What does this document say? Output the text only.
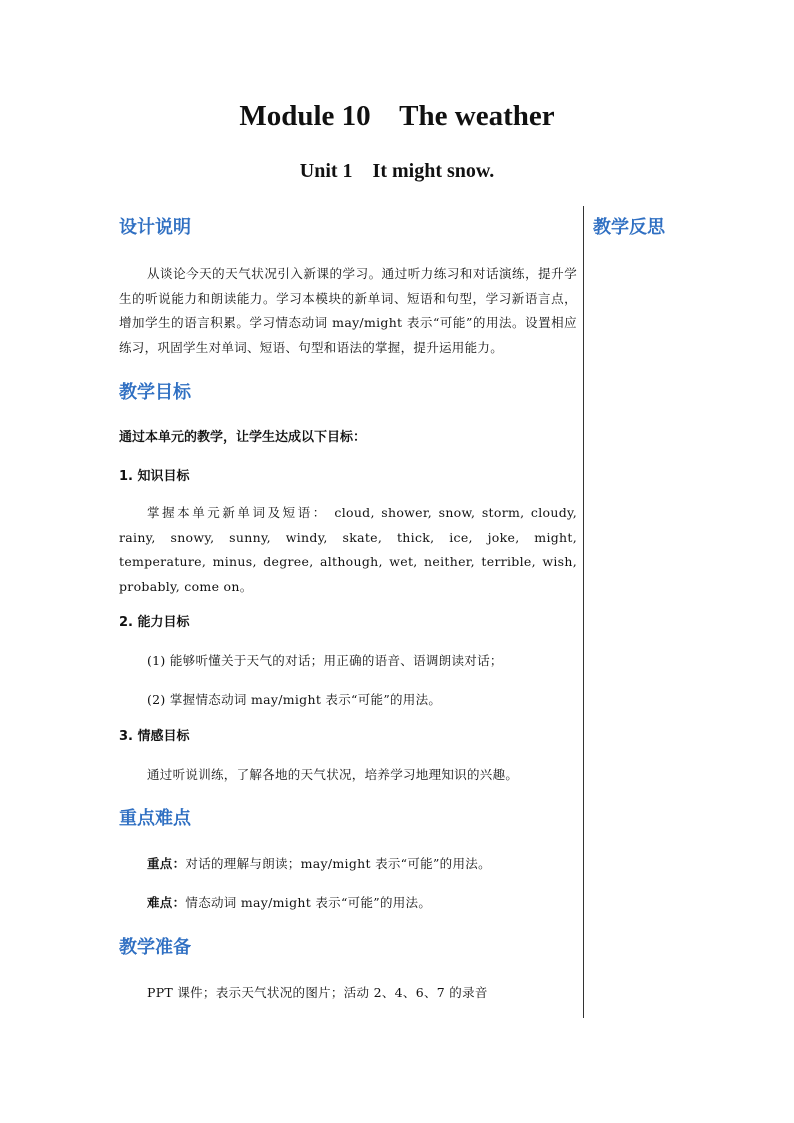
Module 10    The weather
Unit 1    It might snow.
教学反思
设计说明

从谈论今天的天气状况引入新课的学习。通过听力练习和对话演练，提升学生的听说能力和朗读能力。学习本模块的新单词、短语和句型，学习新语言点，增加学生的语言积累。学习情态动词 may/might 表示“可能”的用法。设置相应练习，巩固学生对单词、短语、句型和语法的掌握，提升运用能力。

教学目标

通过本单元的教学，让学生达成以下目标：

1. 知识目标

掌握本单元新单词及短语： cloud, shower, snow, storm, cloudy, rainy, snowy, sunny, windy, skate, thick, ice, joke, might, temperature, minus, degree, although, wet, neither, terrible, wish, probably, come on。

2. 能力目标

(1) 能够听懂关于天气的对话；用正确的语音、语调朗读对话；

(2) 掌握情态动词 may/might 表示“可能”的用法。

3. 情感目标

通过听说训练，了解各地的天气状况，培养学习地理知识的兴趣。

重点难点

重点：对话的理解与朗读；may/might 表示“可能”的用法。

难点：情态动词 may/might 表示“可能”的用法。

教学准备

PPT 课件；表示天气状况的图片；活动 2、4、6、7 的录音
